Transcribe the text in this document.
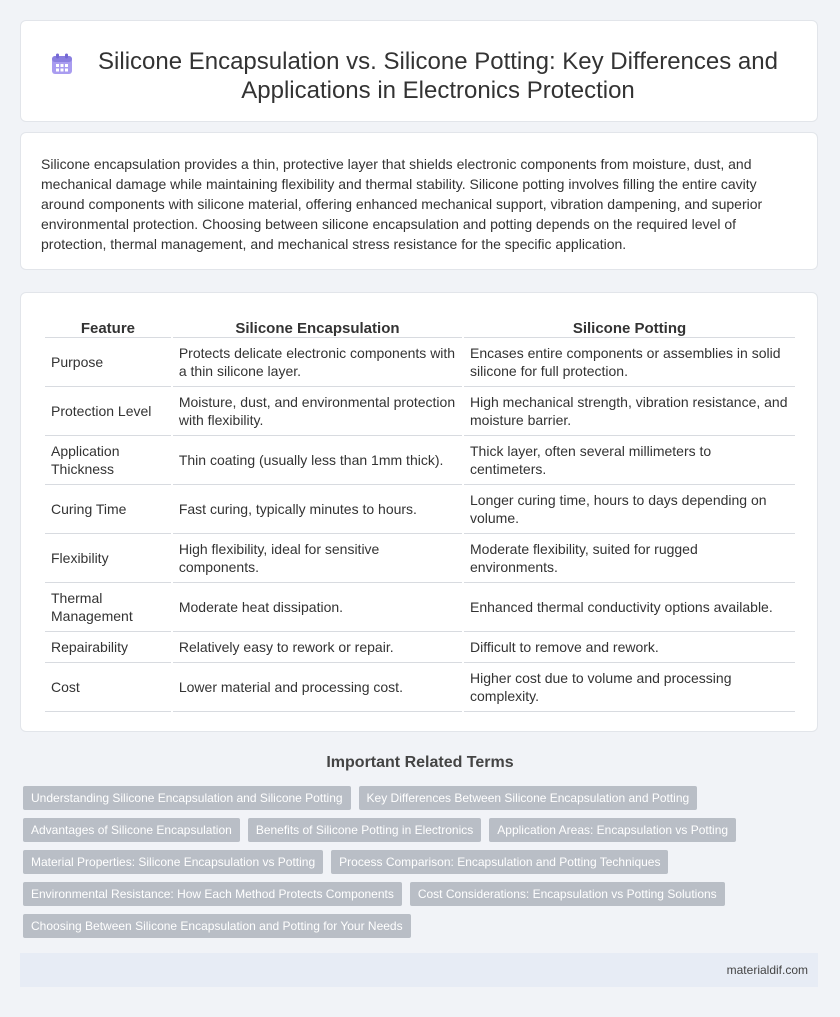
Silicone Encapsulation vs. Silicone Potting: Key Differences and Applications in Electronics Protection

Silicone encapsulation provides a thin, protective layer that shields electronic components from moisture, dust, and mechanical damage while maintaining flexibility and thermal stability. Silicone potting involves filling the entire cavity around components with silicone material, offering enhanced mechanical support, vibration dampening, and superior environmental protection. Choosing between silicone encapsulation and potting depends on the required level of protection, thermal management, and mechanical stress resistance for the specific application.

Feature	Silicone Encapsulation	Silicone Potting
Purpose	Protects delicate electronic components with a thin silicone layer.	Encases entire components or assemblies in solid silicone for full protection.
Protection Level	Moisture, dust, and environmental protection with flexibility.	High mechanical strength, vibration resistance, and moisture barrier.
Application Thickness	Thin coating (usually less than 1mm thick).	Thick layer, often several millimeters to centimeters.
Curing Time	Fast curing, typically minutes to hours.	Longer curing time, hours to days depending on volume.
Flexibility	High flexibility, ideal for sensitive components.	Moderate flexibility, suited for rugged environments.
Thermal Management	Moderate heat dissipation.	Enhanced thermal conductivity options available.
Repairability	Relatively easy to rework or repair.	Difficult to remove and rework.
Cost	Lower material and processing cost.	Higher cost due to volume and processing complexity.
Important Related Terms
Understanding Silicone Encapsulation and Silicone Potting	Key Differences Between Silicone Encapsulation and Potting
Advantages of Silicone Encapsulation	Benefits of Silicone Potting in Electronics	Application Areas: Encapsulation vs Potting
Material Properties: Silicone Encapsulation vs Potting	Process Comparison: Encapsulation and Potting Techniques
Environmental Resistance: How Each Method Protects Components	Cost Considerations: Encapsulation vs Potting Solutions
Choosing Between Silicone Encapsulation and Potting for Your Needs
materialdif.com
